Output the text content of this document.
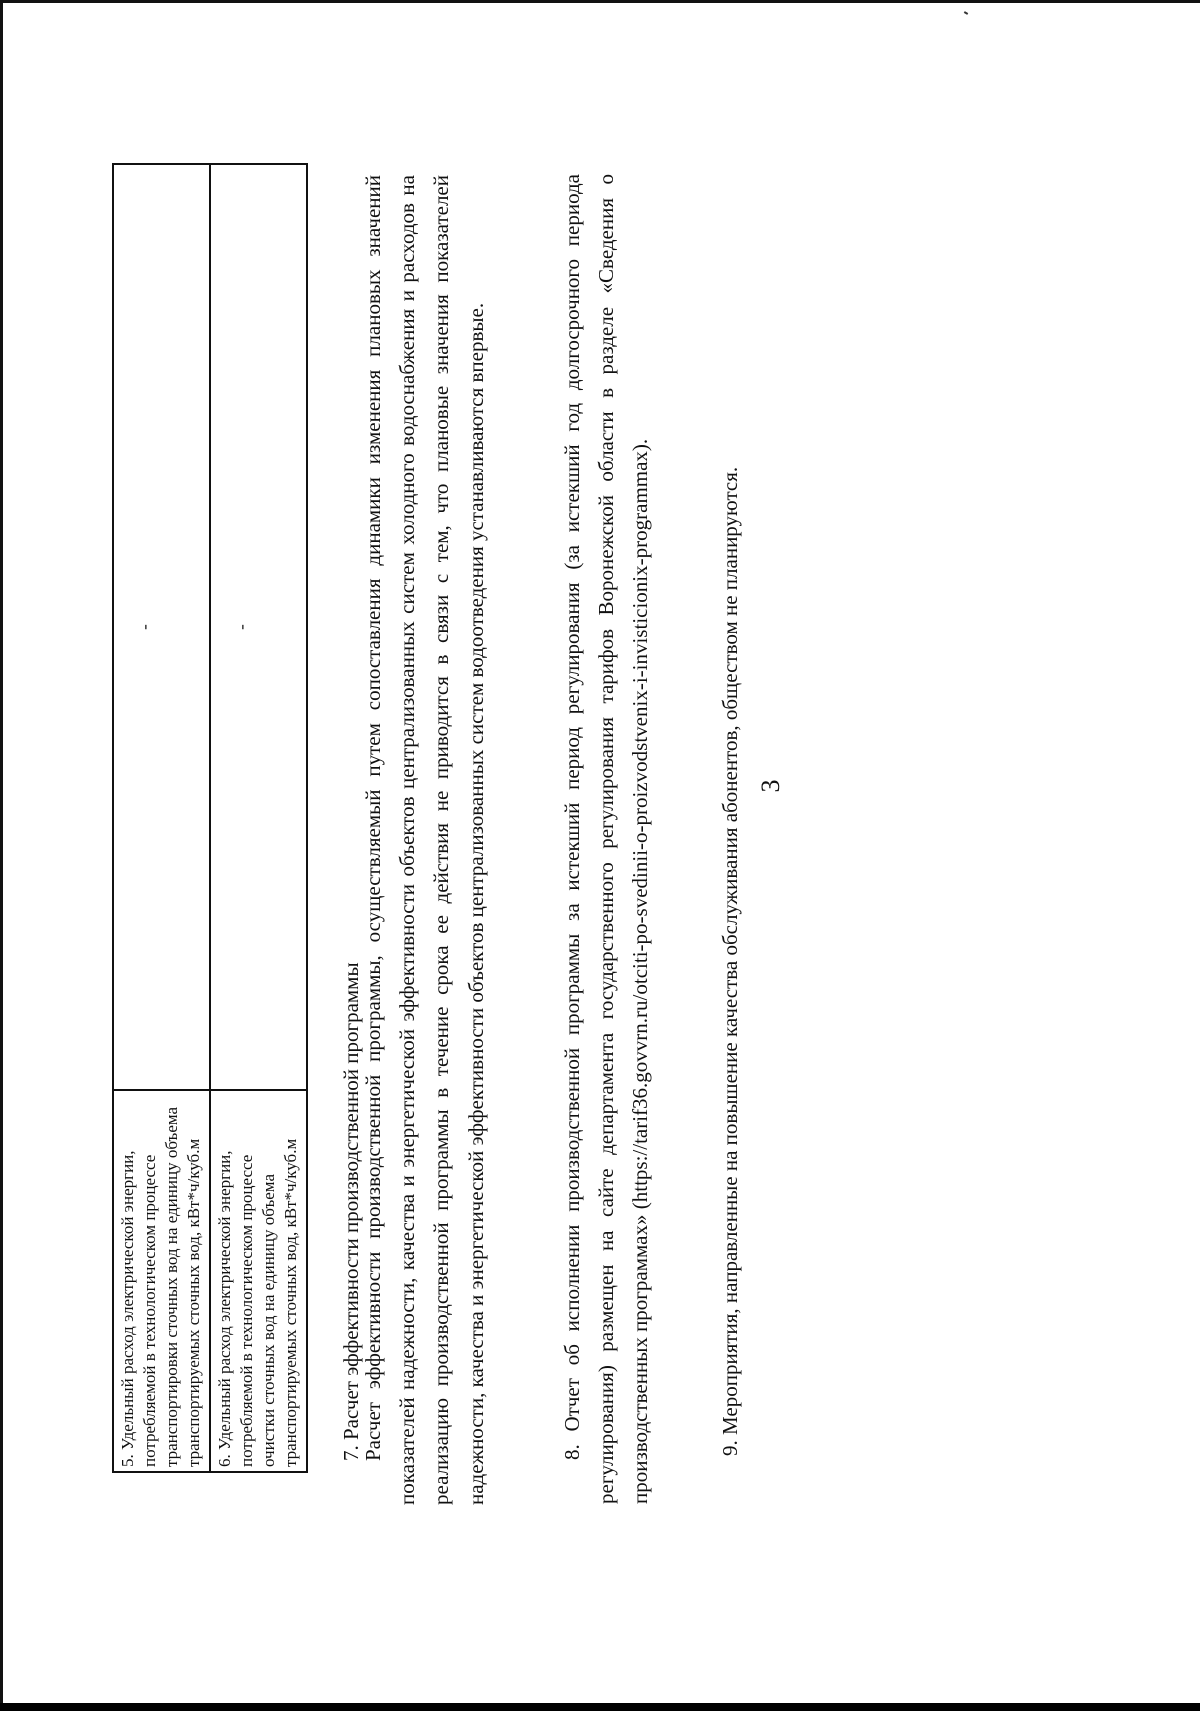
3
5. Удельный расход электрической энергии, потребляемой в технологическом процессе транспортировки сточных вод на единицу объема транспортируемых сточных вод, кВт*ч/куб.м	-
6. Удельный расход электрической энергии, потребляемой в технологическом процессе очистки сточных вод на единицу объема транспортируемых сточных вод, кВт*ч/куб.м	-
7. Расчет эффективности производственной программы
Расчет эффективности производственной программы, осуществляемый путем сопоставления динамики изменения плановых значений показателей надежности, качества и энергетической эффективности объектов централизованных систем холодного водоснабжения и расходов на реализацию производственной программы в течение срока ее действия не приводится в связи с тем, что плановые значения показателей надежности, качества и энергетической эффективности объектов централизованных систем водоотведения устанавливаются впервые.	8. Отчет об исполнении производственной программы за истекший период регулирования (за истекший год долгосрочного периода регулирования) размещен на сайте департамента государственного регулирования тарифов Воронежской области в разделе «Сведения о производственных программах» (https://tarif36.govvrn.ru/otciti-po-svedinii-o-proizvodstvenix-i-invisticionix-programmax).	9. Мероприятия, направленные на повышение качества обслуживания абонентов, обществом не планируются.
